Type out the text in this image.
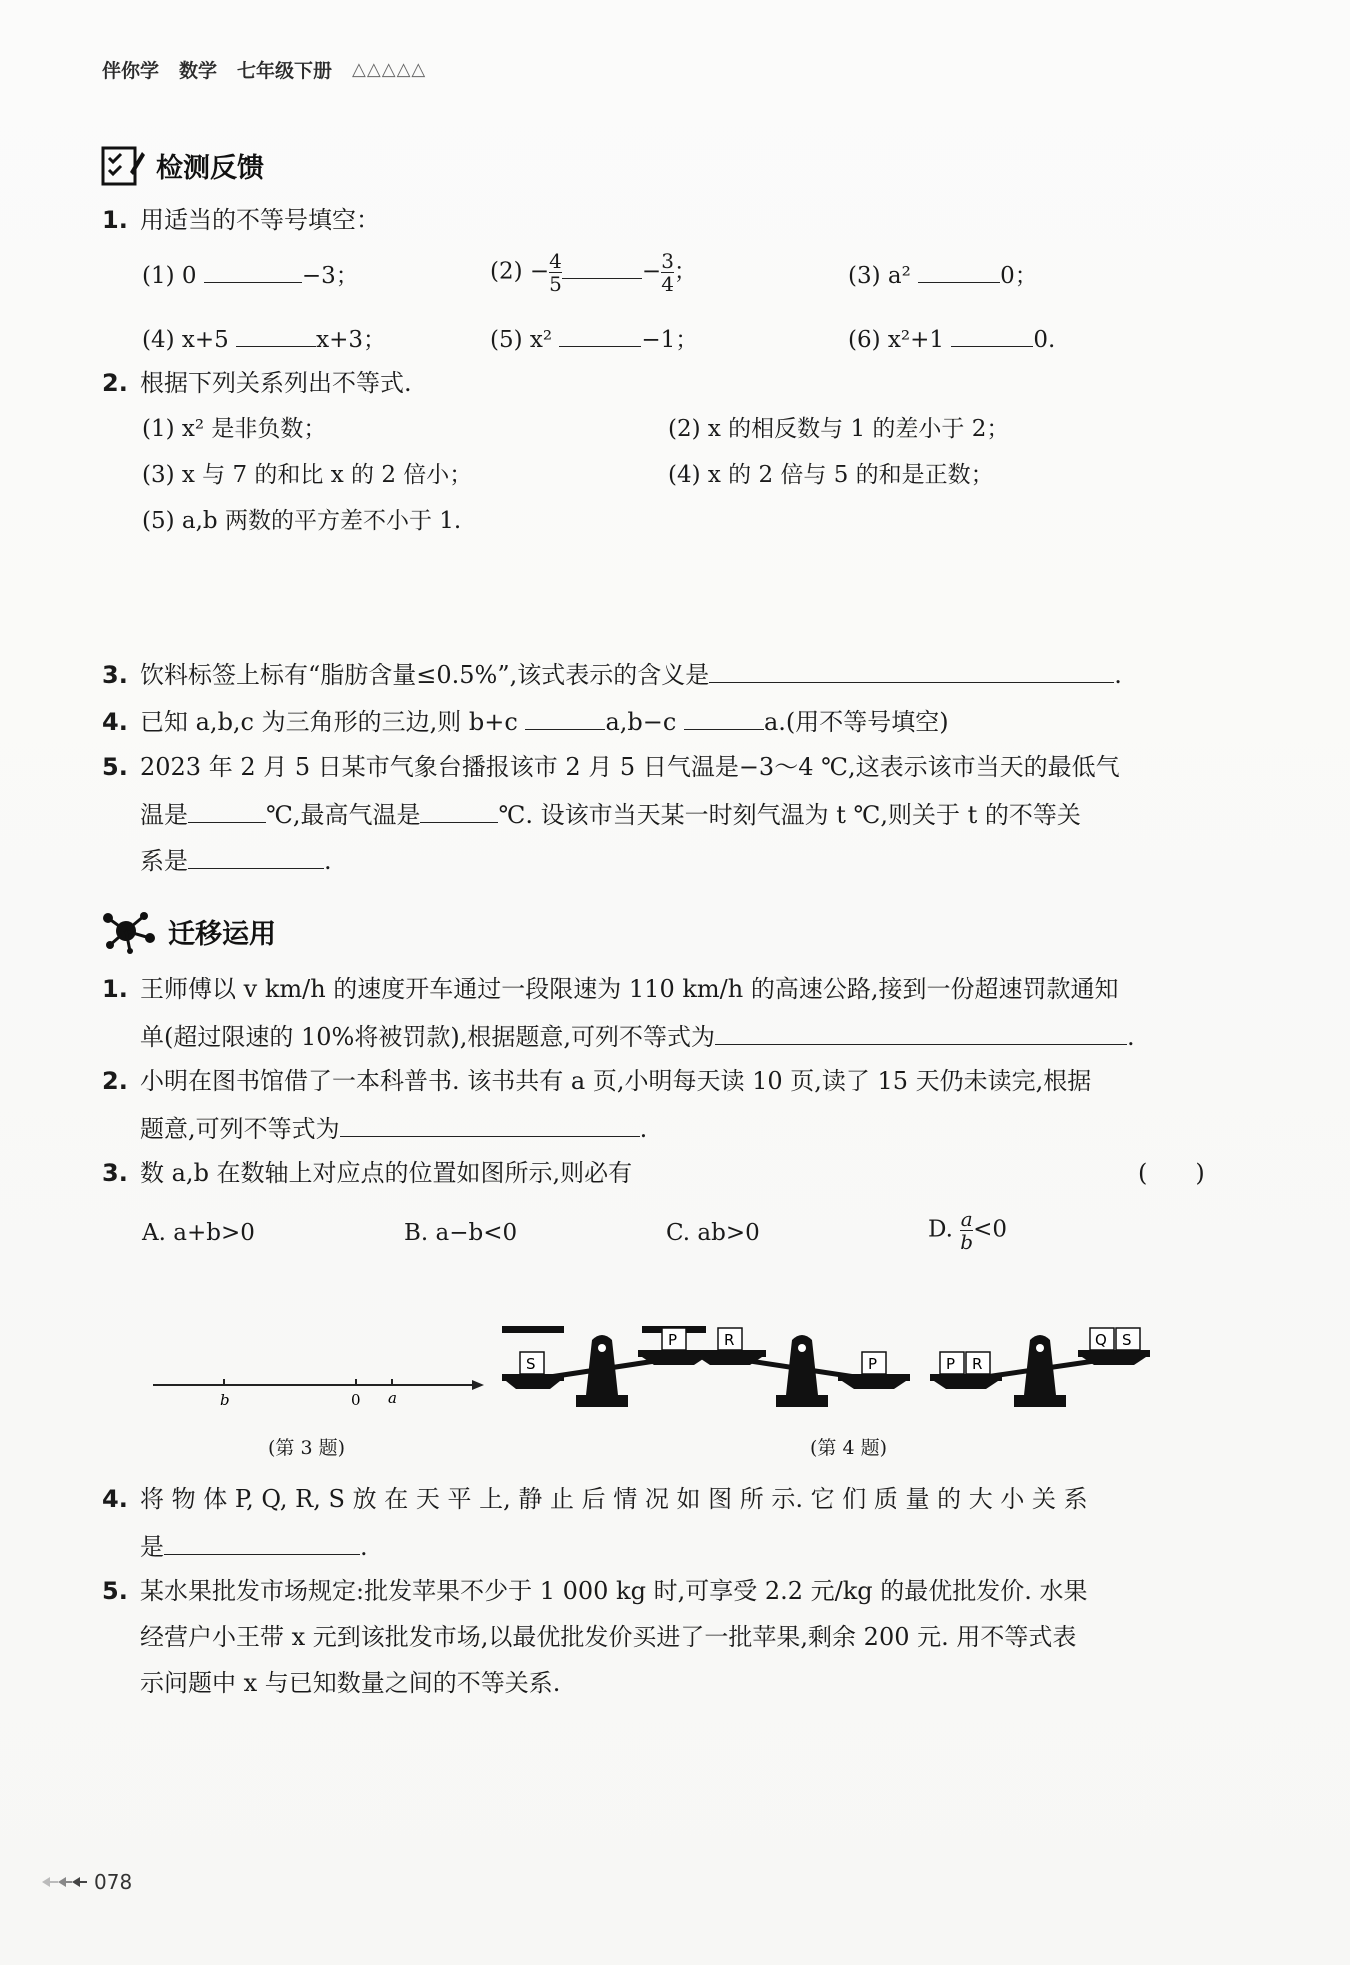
伴你学 数学 七年级下册 △△△△△
检测反馈
1. 用适当的不等号填空：
(1) 0	−3；	$(2) - \frac{4}{5}$	− $\frac{3}{4}$ ；	(3) a²	0；
(4) x+5	x+3；	(5) x²	−1；	(6) x²+1	0.
2. 根据下列关系列出不等式.
(1) x² 是非负数；	(2) x 的相反数与 1 的差小于 2；
(3) x 与 7 的和比 x 的 2 倍小；	(4) x 的 2 倍与 5 的和是正数；
(5) a,b 两数的平方差不小于 1.
3. 饮料标签上标有“脂肪含量≤0.5%”,该式表示的含义是	.
4. 已知 a,b,c 为三角形的三边,则 b+c	a,b−c	a.(用不等号填空)
5. 2023 年 2 月 5 日某市气象台播报该市 2 月 5 日气温是−3～4 ℃,这表示该市当天的最低气
温是	℃,最高气温是	℃. 设该市当天某一时刻气温为 t ℃,则关于 t 的不等关
系是	.
迁移运用
1. 王师傅以 v km/h 的速度开车通过一段限速为 110 km/h 的高速公路,接到一份超速罚款通知
单(超过限速的 10%将被罚款),根据题意,可列不等式为	.
2. 小明在图书馆借了一本科普书. 该书共有 a 页,小明每天读 10 页,读了 15 天仍未读完,根据
题意,可列不等式为	.
3. 数 a,b 在数轴上对应点的位置如图所示,则必有	(　　)
A. a+b>0	B. a−b<0	C. ab>0	D. $\frac{a}{b} <0$
b	0 a
(第 3 题)
S
P	R
P	P R
Q S
(第 4 题)
4. 将 物 体 P, Q, R, S 放 在 天 平 上, 静 止 后 情 况 如 图 所 示. 它 们 质 量 的 大 小 关 系
是	.
5. 某水果批发市场规定:批发苹果不少于 1 000 kg 时,可享受 2.2 元/kg 的最优批发价. 水果
经营户小王带 x 元到该批发市场,以最优批发价买进了一批苹果,剩余 200 元. 用不等式表
示问题中 x 与已知数量之间的不等关系.
078
